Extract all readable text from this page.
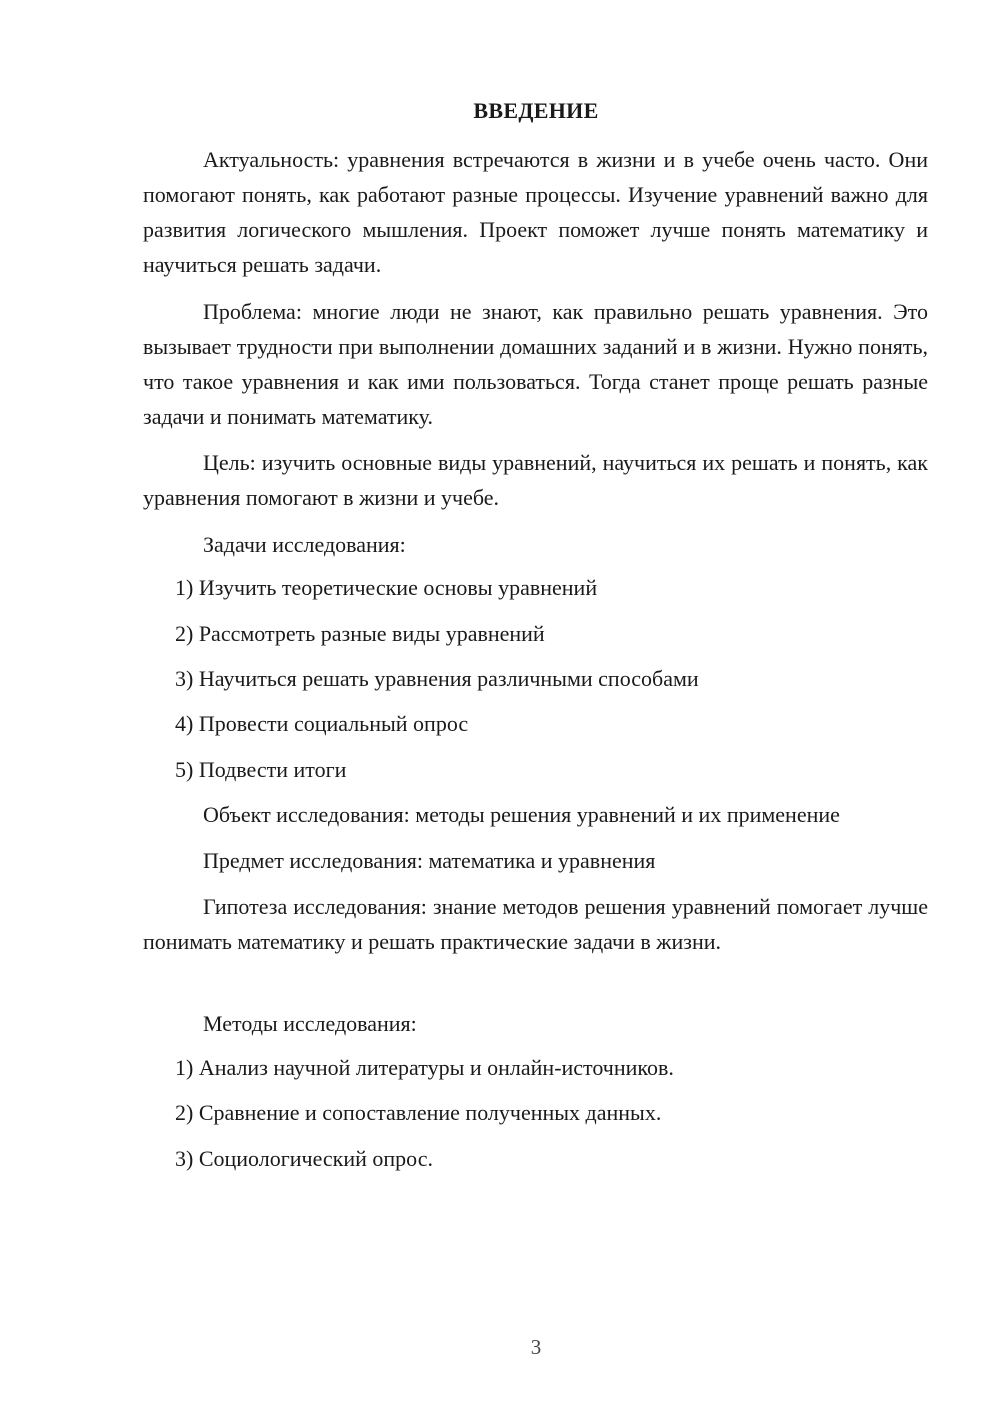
ВВЕДЕНИЕ

Актуальность: уравнения встречаются в жизни и в учебе очень часто. Они помогают понять, как работают разные процессы. Изучение уравнений важно для развития логического мышления. Проект поможет лучше понять математику и научиться решать задачи.

Проблема: многие люди не знают, как правильно решать уравнения. Это вызывает трудности при выполнении домашних заданий и в жизни. Нужно понять, что такое уравнения и как ими пользоваться. Тогда станет проще решать разные задачи и понимать математику.

Цель: изучить основные виды уравнений, научиться их решать и понять, как уравнения помогают в жизни и учебе.

Задачи исследования:

1) Изучить теоретические основы уравнений

2) Рассмотреть разные виды уравнений

3) Научиться решать уравнения различными способами

4) Провести социальный опрос

5) Подвести итоги

Объект исследования: методы решения уравнений и их применение

Предмет исследования: математика и уравнения

Гипотеза исследования: знание методов решения уравнений помогает лучше понимать математику и решать практические задачи в жизни.

Методы исследования:

1) Анализ научной литературы и онлайн-источников.

2) Сравнение и сопоставление полученных данных.

3) Социологический опрос.

3
